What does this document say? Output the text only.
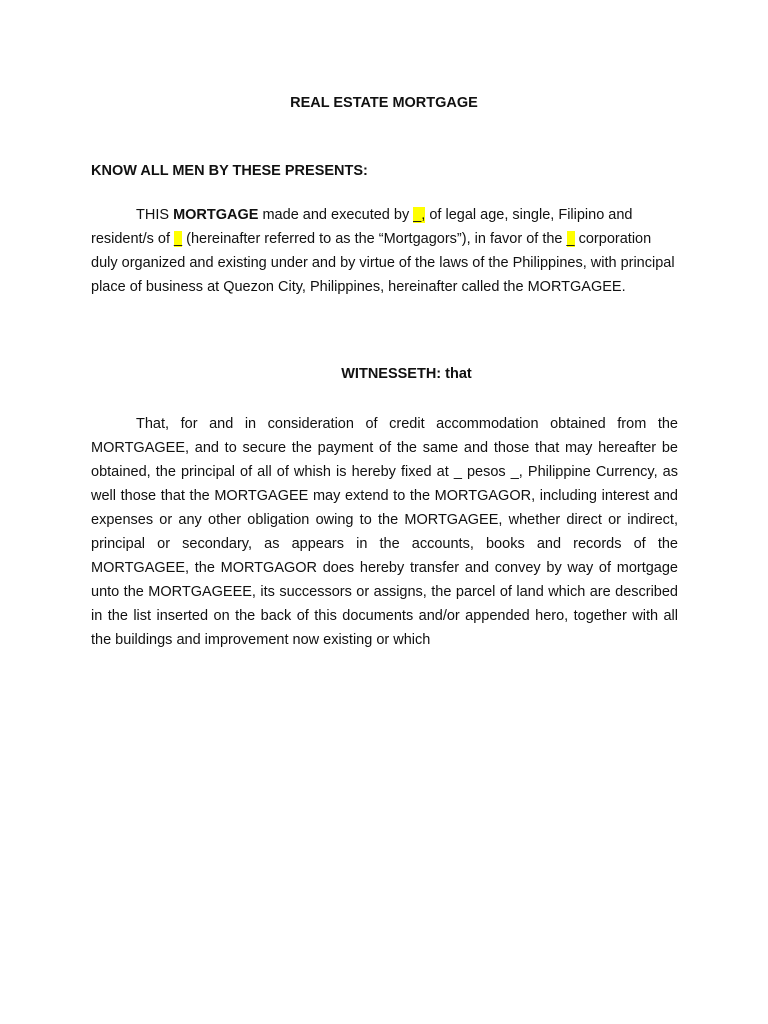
REAL ESTATE MORTGAGE
KNOW ALL MEN BY THESE PRESENTS:

THIS MORTGAGE made and executed by _, of legal age, single, Filipino and resident/s of _ (hereinafter referred to as the “Mortgagors”), in favor of the _ corporation duly organized and existing under and by virtue of the laws of the Philippines, with principal place of business at Quezon City, Philippines, hereinafter called the MORTGAGEE.

WITNESSETH: that

That, for and in consideration of credit accommodation obtained from the MORTGAGEE, and to secure the payment of the same and those that may hereafter be obtained, the principal of all of whish is hereby fixed at _ pesos _, Philippine Currency, as well those that the MORTGAGEE may extend to the MORTGAGOR, including interest and expenses or any other obligation owing to the MORTGAGEE, whether direct or indirect, principal or secondary, as appears in the accounts, books and records of the MORTGAGEE, the MORTGAGOR does hereby transfer and convey by way of mortgage unto the MORTGAGEEE, its successors or assigns, the parcel of land which are described in the list inserted on the back of this documents and/or appended hero, together with all the buildings and improvement now existing or which
